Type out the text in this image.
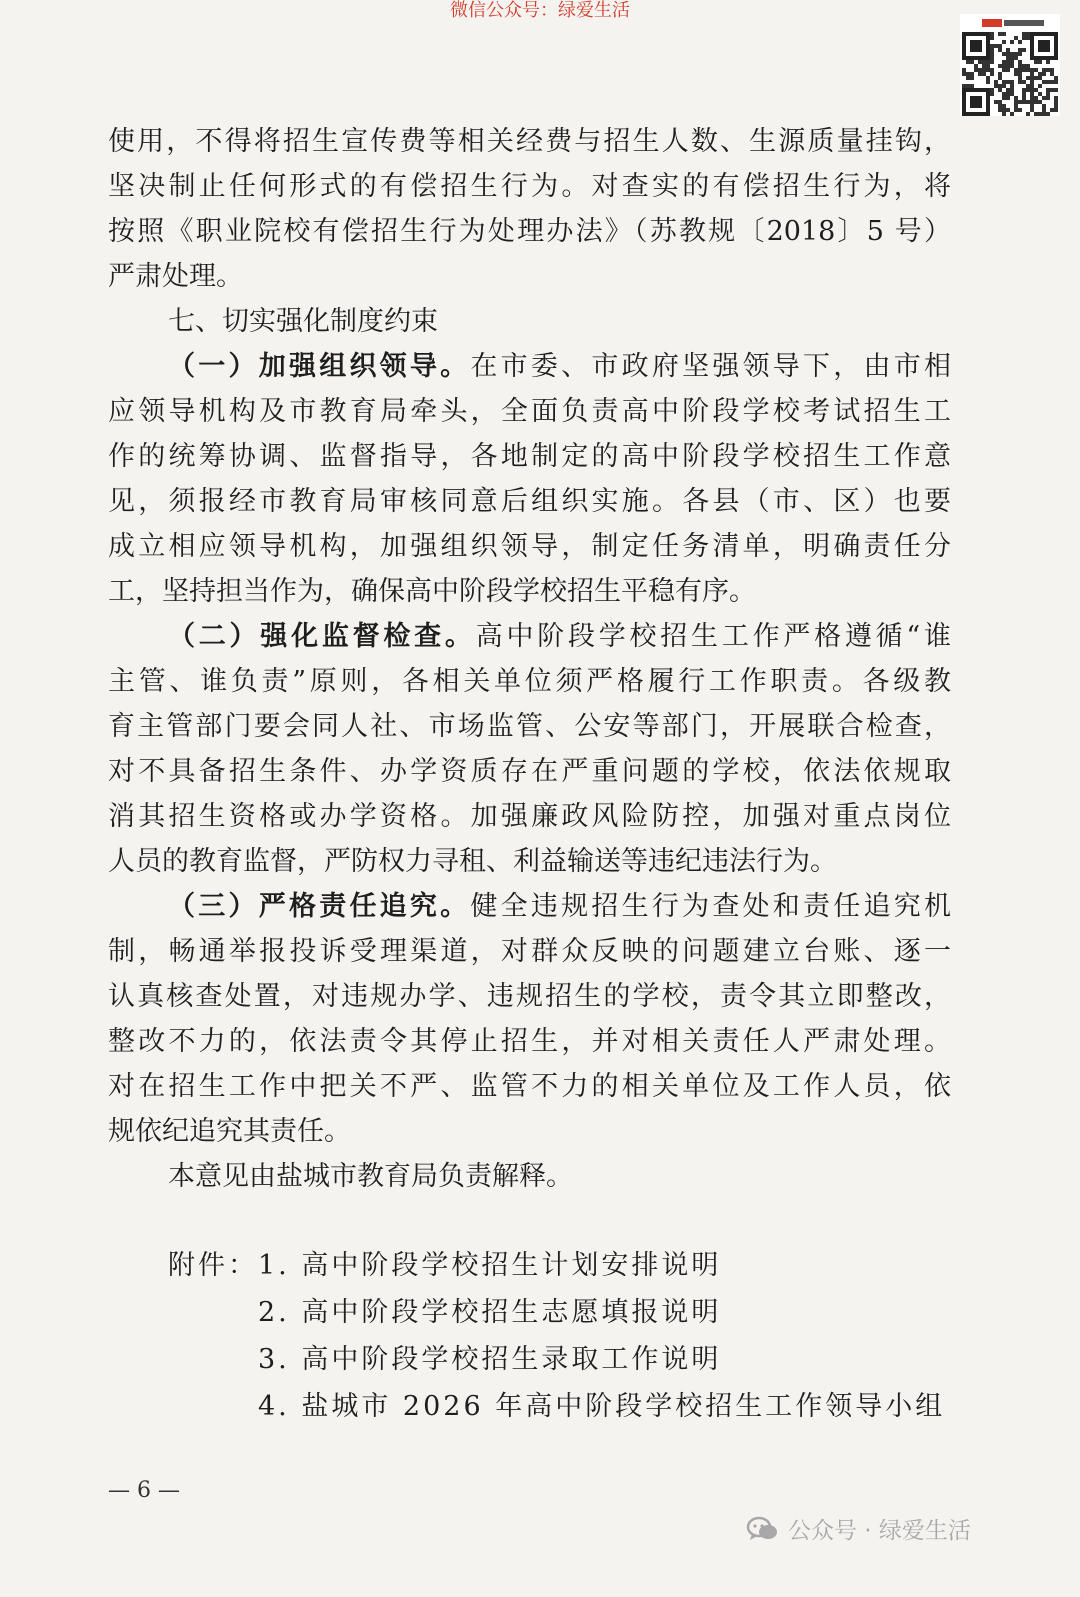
微信公众号：绿爱生活
使用，不得将招生宣传费等相关经费与招生人数、生源质量挂钩，
坚决制止任何形式的有偿招生行为。对查实的有偿招生行为，将
按照《职业院校有偿招生行为处理办法》（苏教规〔2018〕5 号）
严肃处理。
七、切实强化制度约束
（一）加强组织领导。在市委、市政府坚强领导下，由市相
应领导机构及市教育局牵头，全面负责高中阶段学校考试招生工
作的统筹协调、监督指导，各地制定的高中阶段学校招生工作意
见，须报经市教育局审核同意后组织实施。各县（市、区）也要
成立相应领导机构，加强组织领导，制定任务清单，明确责任分
工，坚持担当作为，确保高中阶段学校招生平稳有序。
（二）强化监督检查。高中阶段学校招生工作严格遵循“谁
主管、谁负责”原则，各相关单位须严格履行工作职责。各级教
育主管部门要会同人社、市场监管、公安等部门，开展联合检查，
对不具备招生条件、办学资质存在严重问题的学校，依法依规取
消其招生资格或办学资格。加强廉政风险防控，加强对重点岗位
人员的教育监督，严防权力寻租、利益输送等违纪违法行为。
（三）严格责任追究。健全违规招生行为查处和责任追究机
制，畅通举报投诉受理渠道，对群众反映的问题建立台账、逐一
认真核查处置，对违规办学、违规招生的学校，责令其立即整改，
整改不力的，依法责令其停止招生，并对相关责任人严肃处理。
对在招生工作中把关不严、监管不力的相关单位及工作人员，依
规依纪追究其责任。
本意见由盐城市教育局负责解释。
附件： 1. 高中阶段学校招生计划安排说明
2. 高中阶段学校招生志愿填报说明
3. 高中阶段学校招生录取工作说明
4. 盐城市 2026 年高中阶段学校招生工作领导小组
— 6 —
公众号 · 绿爱生活
